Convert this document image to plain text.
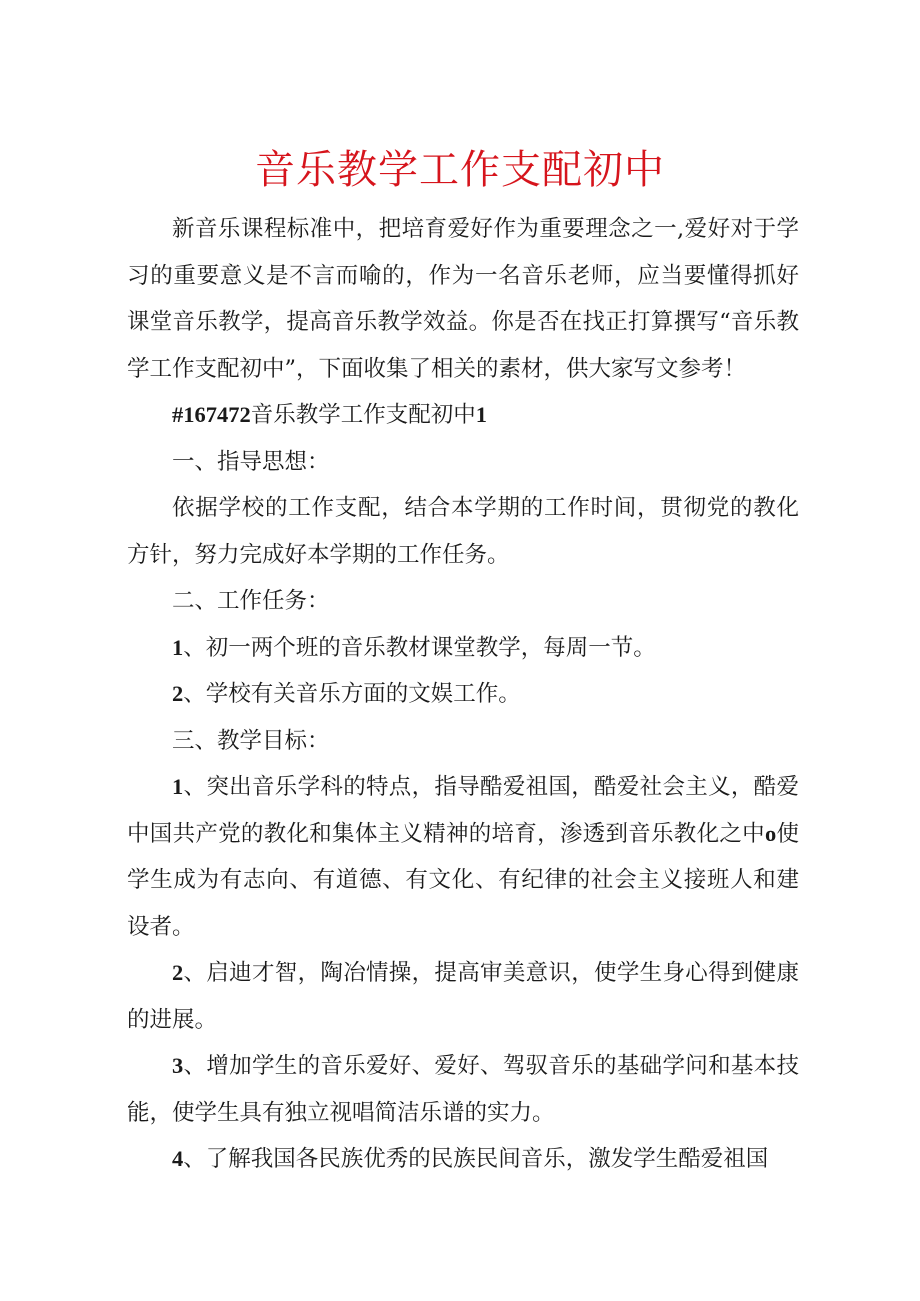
音乐教学工作支配初中

新音乐课程标准中，把培育爱好作为重要理念之一,爱好对于学习的重要意义是不言而喻的，作为一名音乐老师，应当要懂得抓好课堂音乐教学，提高音乐教学效益。你是否在找正打算撰写“音乐教学工作支配初中”，下面收集了相关的素材，供大家写文参考！

#167472音乐教学工作支配初中1

一、指导思想：

依据学校的工作支配，结合本学期的工作时间，贯彻党的教化方针，努力完成好本学期的工作任务。

二、工作任务：

1、初一两个班的音乐教材课堂教学，每周一节。

2、学校有关音乐方面的文娱工作。

三、教学目标：

1、突出音乐学科的特点，指导酷爱祖国，酷爱社会主义，酷爱中国共产党的教化和集体主义精神的培育，渗透到音乐教化之中o使学生成为有志向、有道德、有文化、有纪律的社会主义接班人和建设者。

2、启迪才智，陶冶情操，提高审美意识，使学生身心得到健康的进展。

3、增加学生的音乐爱好、爱好、驾驭音乐的基础学问和基本技能，使学生具有独立视唱简洁乐谱的实力。

4、了解我国各民族优秀的民族民间音乐，激发学生酷爱祖国
